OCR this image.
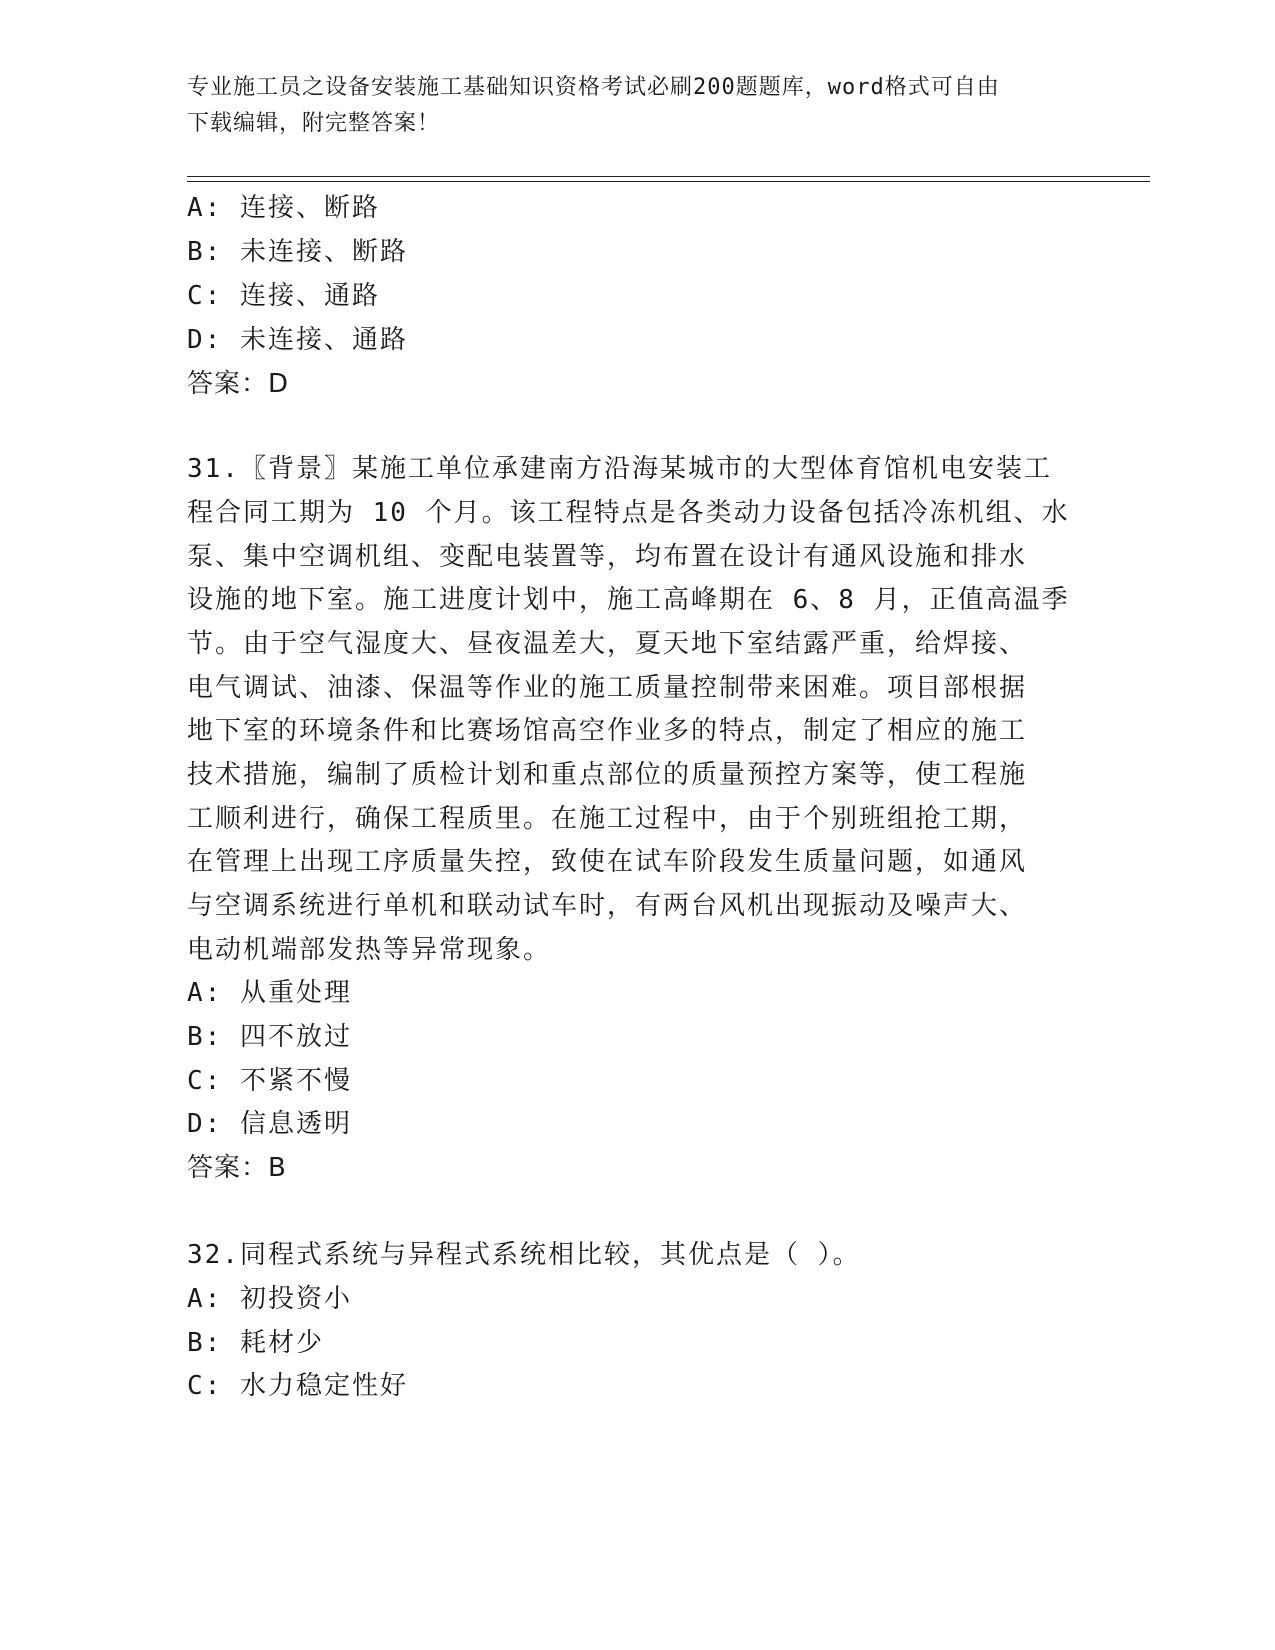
专业施工员之设备安装施工基础知识资格考试必刷200题题库，word格式可自由
下载编辑，附完整答案！
A: 连接、断路
B: 未连接、断路
C: 连接、通路
D: 未连接、通路
答案：D
31.〖背景〗某施工单位承建南方沿海某城市的大型体育馆机电安装工
程合同工期为 10 个月。该工程特点是各类动力设备包括冷冻机组、水
泵、集中空调机组、变配电装置等，均布置在设计有通风设施和排水
设施的地下室。施工进度计划中，施工高峰期在 6、8 月，正值高温季
节。由于空气湿度大、昼夜温差大，夏天地下室结露严重，给焊接、
电气调试、油漆、保温等作业的施工质量控制带来困难。项目部根据
地下室的环境条件和比赛场馆高空作业多的特点，制定了相应的施工
技术措施，编制了质检计划和重点部位的质量预控方案等，使工程施
工顺利进行，确保工程质里。在施工过程中，由于个别班组抢工期，
在管理上出现工序质量失控，致使在试车阶段发生质量问题，如通风
与空调系统进行单机和联动试车时，有两台风机出现振动及噪声大、
电动机端部发热等异常现象。
A: 从重处理
B: 四不放过
C: 不紧不慢
D: 信息透明
答案：B
32.同程式系统与异程式系统相比较，其优点是（ ）。
A: 初投资小
B: 耗材少
C: 水力稳定性好
